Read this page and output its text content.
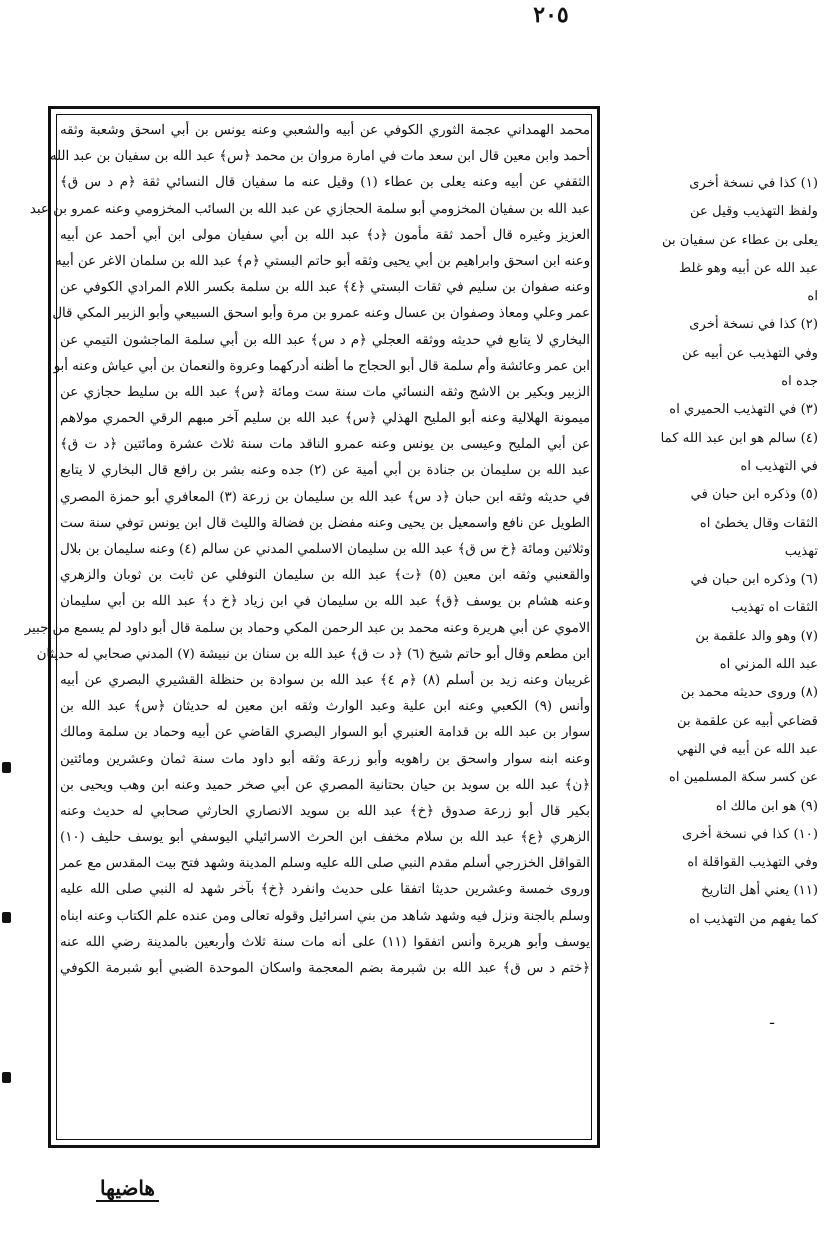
٢٠٥
محمد الهمداني عجمة الثوري الكوفي عن أبيه والشعبي وعنه يونس بن أبي اسحق وشعبة وثقه
أحمد وابن معين قال ابن سعد مات في امارة مروان بن محمد ﴿س﴾ عبد الله بن سفيان بن عبد الله
الثقفي عن أبيه وعنه يعلى بن عطاء (١) وقيل عنه ما سفيان قال النسائي ثقة ﴿م د س ق﴾
عبد الله بن سفيان المخزومي أبو سلمة الحجازي عن عبد الله بن السائب المخزومي وعنه عمرو بن عبد
العزيز وغيره قال أحمد ثقة مأمون ﴿د﴾ عبد الله بن أبي سفيان مولى ابن أبي أحمد عن أبيه
وعنه ابن اسحق وابراهيم بن أبي يحيى وثقه أبو حاتم البستي ﴿م﴾ عبد الله بن سلمان الاغر عن أبيه
وعنه صفوان بن سليم في ثقات البستي ﴿٤﴾ عبد الله بن سلمة بكسر اللام المرادي الكوفي عن
عمر وعلي ومعاذ وصفوان بن عسال وعنه عمرو بن مرة وأبو اسحق السبيعي وأبو الزبير المكي قال
البخاري لا يتابع في حديثه ووثقه العجلي ﴿م د س﴾ عبد الله بن أبي سلمة الماجشون التيمي عن
ابن عمر وعائشة وأم سلمة قال أبو الحجاج ما أظنه أدركهما وعروة والنعمان بن أبي عياش وعنه أبو
الزبير وبكير بن الاشج وثقه النسائي مات سنة ست ومائة ﴿س﴾ عبد الله بن سليط حجازي عن
ميمونة الهلالية وعنه أبو المليح الهذلي ﴿س﴾ عبد الله بن سليم آخر مبهم الرقي الحمري مولاهم
عن أبي المليح وعيسى بن يونس وعنه عمرو الناقد مات سنة ثلاث عشرة ومائتين ﴿د ت ق﴾
عبد الله بن سليمان بن جنادة بن أبي أمية عن (٢) جده وعنه بشر بن رافع قال البخاري لا يتابع
في حديثه وثقه ابن حبان ﴿د س﴾ عبد الله بن سليمان بن زرعة (٣) المعافري أبو حمزة المصري
الطويل عن نافع واسمعيل بن يحيى وعنه مفضل بن فضالة والليث قال ابن يونس توفي سنة ست
وثلاثين ومائة ﴿خ س ق﴾ عبد الله بن سليمان الاسلمي المدني عن سالم (٤) وعنه سليمان بن بلال
والقعنبي وثقه ابن معين (٥) ﴿ت﴾ عبد الله بن سليمان النوفلي عن ثابت بن ثوبان والزهري
وعنه هشام بن يوسف ﴿ق﴾ عبد الله بن سليمان في ابن زياد ﴿خ د﴾ عبد الله بن أبي سليمان
الاموي عن أبي هريرة وعنه محمد بن عبد الرحمن المكي وحماد بن سلمة قال أبو داود لم يسمع من جبير
ابن مطعم وقال أبو حاتم شيخ (٦) ﴿د ت ق﴾ عبد الله بن سنان بن نبيشة (٧) المدني صحابي له حديثان
غريبان وعنه زيد بن أسلم (٨) ﴿م ٤﴾ عبد الله بن سوادة بن حنظلة القشيري البصري عن أبيه
وأنس (٩) الكعبي وعنه ابن علية وعبد الوارث وثقه ابن معين له حديثان ﴿س﴾ عبد الله بن
سوار بن عبد الله بن قدامة العنبري أبو السوار البصري القاضي عن أبيه وحماد بن سلمة ومالك
وعنه ابنه سوار واسحق بن راهويه وأبو زرعة وثقه أبو داود مات سنة ثمان وعشرين ومائتين
﴿ن﴾ عبد الله بن سويد بن حيان بحتانية المصري عن أبي صخر حميد وعنه ابن وهب ويحيى بن
بكير قال أبو زرعة صدوق ﴿خ﴾ عبد الله بن سويد الانصاري الحارثي صحابي له حديث وعنه
الزهري ﴿ع﴾ عبد الله بن سلام مخفف ابن الحرث الاسرائيلي اليوسفي أبو يوسف حليف (١٠)
القواقل الخزرجي أسلم مقدم النبي صلى الله عليه وسلم المدينة وشهد فتح بيت المقدس مع عمر
وروى خمسة وعشرين حديثا اتفقا على حديث وانفرد ﴿خ﴾ بآخر شهد له النبي صلى الله عليه
وسلم بالجنة ونزل فيه وشهد شاهد من بني اسرائيل وقوله تعالى ومن عنده علم الكتاب وعنه ابناه
يوسف وأبو هريرة وأنس اتفقوا (١١) على أنه مات سنة ثلاث وأربعين بالمدينة رضي الله عنه
﴿ختم د س ق﴾ عبد الله بن شبرمة بضم المعجمة واسكان الموحدة الضبي أبو شبرمة الكوفي
(١) كذا في نسخة أخرى
ولفظ التهذيب وقيل عن
يعلى بن عطاء عن سفيان بن
عبد الله عن أبيه وهو غلط
اه
(٢) كذا في نسخة أخرى
وفي التهذيب عن أبيه عن
جده اه
(٣) في التهذيب الحميري اه
(٤) سالم هو ابن عبد الله كما
في التهذيب اه
(٥) وذكره ابن حبان في
الثقات وقال يخطئ اه
تهذيب
(٦) وذكره ابن حبان في
الثقات اه تهذيب
(٧) وهو والد علقمة بن
عبد الله المزني اه
(٨) وروى حديثه محمد بن
قضاعي أبيه عن علقمة بن
عبد الله عن أبيه في النهي
عن كسر سكة المسلمين اه
(٩) هو ابن مالك اه
(١٠) كذا في نسخة أخرى
وفي التهذيب القواقلة اه
(١١) يعني أهل التاريخ
كما يفهم من التهذيب اه
ـ
هاضيها
